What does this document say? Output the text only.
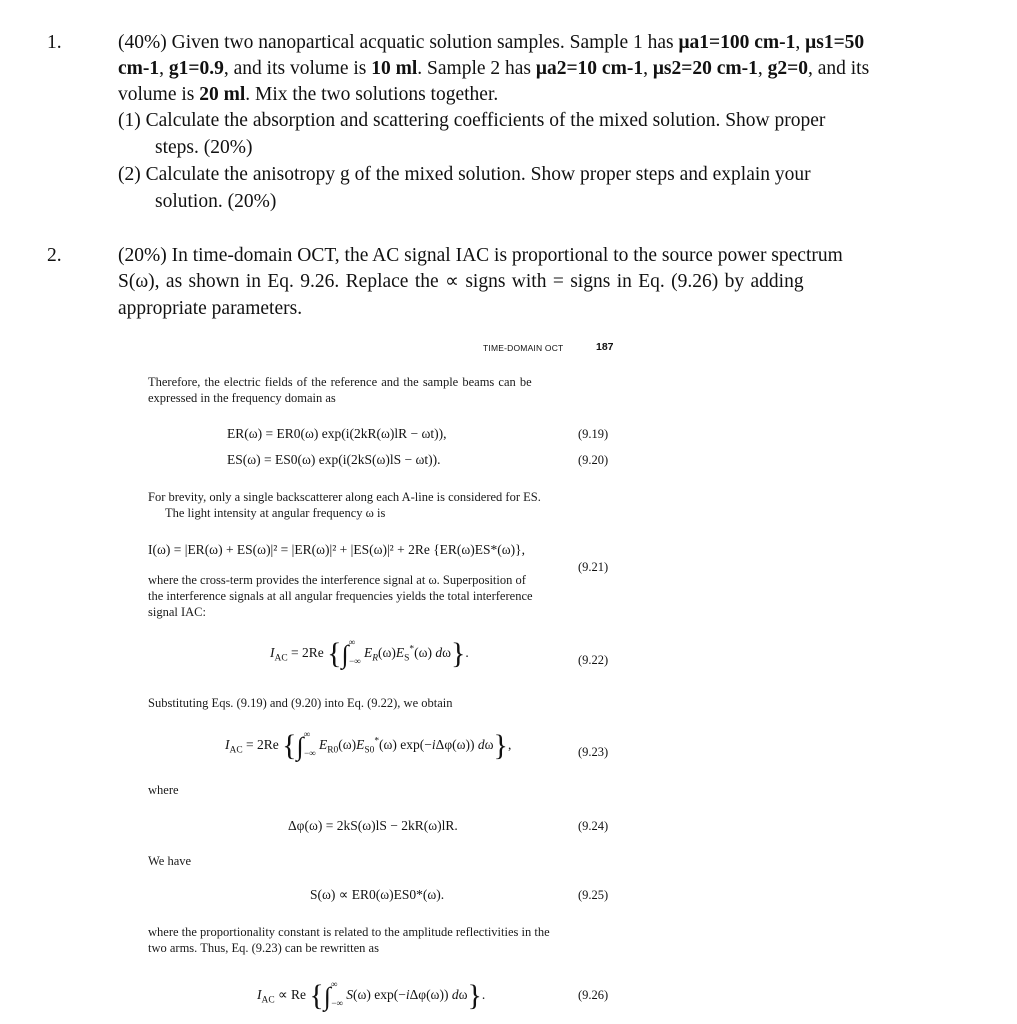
1.	(40%) Given two nanopartical acquatic solution samples. Sample 1 has μa1=100 cm-1, μs1=50
cm-1, g1=0.9, and its volume is 10 ml. Sample 2 has μa2=10 cm-1, μs2=20 cm-1, g2=0, and its
volume is 20 ml. Mix the two solutions together.
(1) Calculate the absorption and scattering coefficients of the mixed solution. Show proper
steps. (20%)
(2) Calculate the anisotropy g of the mixed solution. Show proper steps and explain your
solution. (20%)
2.	(20%) In time-domain OCT, the AC signal IAC is proportional to the source power spectrum
S(ω), as shown in Eq. 9.26. Replace the ∝ signs with = signs in Eq. (9.26) by adding
appropriate parameters.
TIME-DOMAIN OCT	187
Therefore, the electric fields of the reference and the sample beams can be
expressed in the frequency domain as
ER(ω) = ER0(ω) exp(i(2kR(ω)lR − ωt)),	(9.19)
ES(ω) = ES0(ω) exp(i(2kS(ω)lS − ωt)).	(9.20)
For brevity, only a single backscatterer along each A-line is considered for ES.
The light intensity at angular frequency ω is
I(ω) = |ER(ω) + ES(ω)|² = |ER(ω)|² + |ES(ω)|² + 2Re {ER(ω)ES*(ω)},
(9.21)
where the cross-term provides the interference signal at ω. Superposition of
the interference signals at all angular frequencies yields the total interference
signal IAC:
$I_{AC} = 2Re$ {$\int^\infty_{-\infty}$ $E_R(\omega)E_S^*(\omega)$ dω}.	(9.22)
Substituting Eqs. (9.19) and (9.20) into Eq. (9.22), we obtain
$I_{AC} = 2Re$ {$\int^\infty_{-\infty}$ $E_{R0}(\omega)E_{S0}^*(\omega)$ exp(−iΔφ(ω)) dω},	(9.23)
where
Δφ(ω) = 2kS(ω)lS − 2kR(ω)lR.	(9.24)
We have
S(ω) ∝ ER0(ω)ES0*(ω).	(9.25)
where the proportionality constant is related to the amplitude reflectivities in the
two arms. Thus, Eq. (9.23) can be rewritten as
$I_{AC} \propto Re$ {$\int^\infty_{-\infty}$ S(ω) exp(−iΔφ(ω)) dω}.	(9.26)
